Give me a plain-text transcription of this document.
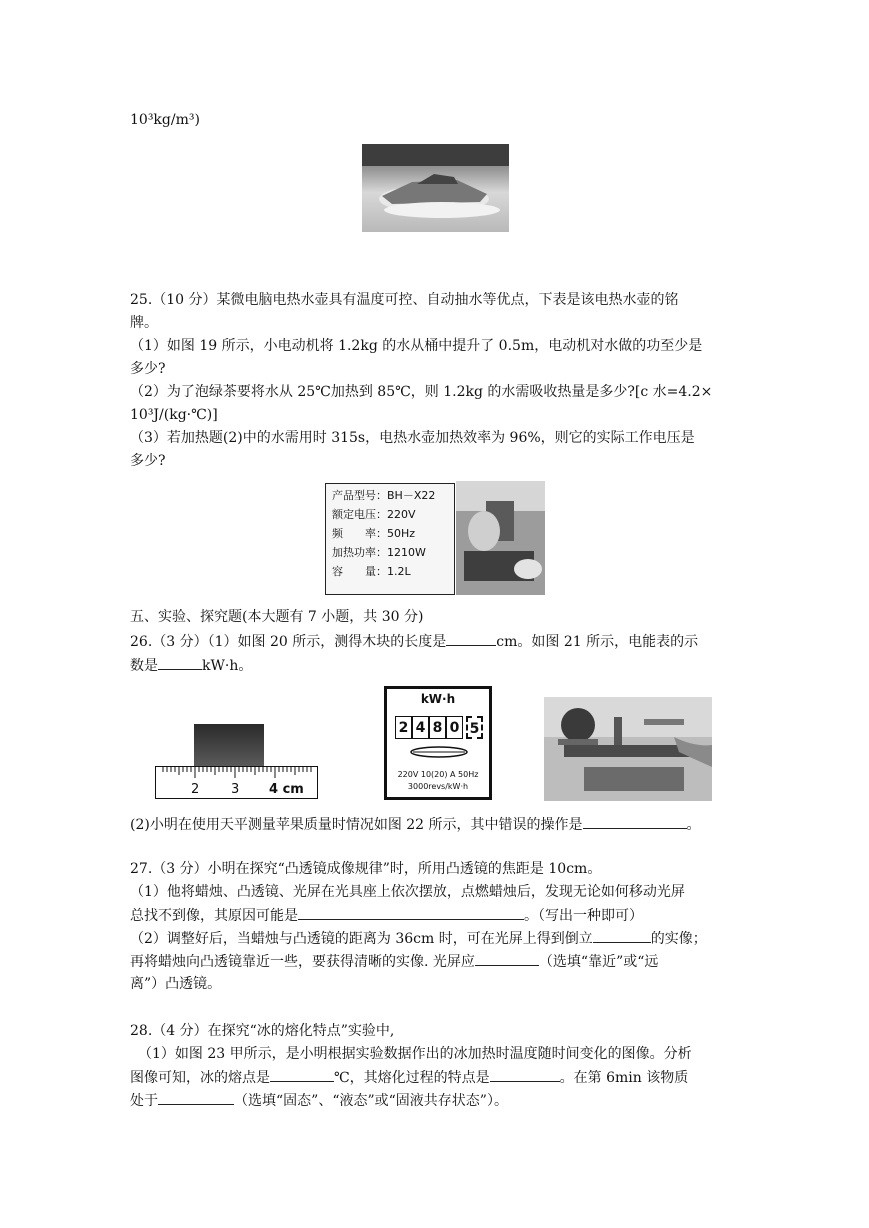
10³kg/m³)
25.（10 分）某微电脑电热水壶具有温度可控、自动抽水等优点，下表是该电热水壶的铭
牌。
（1）如图 19 所示，小电动机将 1.2kg 的水从桶中提升了 0.5m，电动机对水做的功至少是
多少?
（2）为了泡绿茶要将水从 25℃加热到 85℃，则 1.2kg 的水需吸收热量是多少?[c 水=4.2×
10³J/(kg·℃)]
（3）若加热题(2)中的水需用时 315s，电热水壶加热效率为 96%，则它的实际工作电压是
多少?
产品型号：BH－X22
额定电压：220V
频　　率：50Hz
加热功率：1210W
容　　量：1.2L
五、实验、探究题(本大题有 7 小题，共 30 分)
26.（3 分）（1）如图 20 所示，测得木块的长度是	cm。如图 21 所示，电能表的示
数是	kW·h。
2 3 4 cm
kW·h
2 4 8 0 5
220V 10(20) A 50Hz
3000revs/kW·h
(2)小明在使用天平测量苹果质量时情况如图 22 所示，其中错误的操作是	。
27.（3 分）小明在探究“凸透镜成像规律”时，所用凸透镜的焦距是 10cm。
（1）他将蜡烛、凸透镜、光屏在光具座上依次摆放，点燃蜡烛后，发现无论如何移动光屏
总找不到像，其原因可能是	。（写出一种即可）
（2）调整好后，当蜡烛与凸透镜的距离为 36cm 时，可在光屏上得到倒立	的实像；
再将蜡烛向凸透镜靠近一些，要获得清晰的实像. 光屏应	（选填“靠近”或“远
离”）凸透镜。
28.（4 分）在探究“冰的熔化特点”实验中,
（1）如图 23 甲所示，是小明根据实验数据作出的冰加热时温度随时间变化的图像。分析
图像可知，冰的熔点是	℃，其熔化过程的特点是	。在第 6min 该物质
处于	（选填“固态”、“液态”或“固液共存状态”）。
